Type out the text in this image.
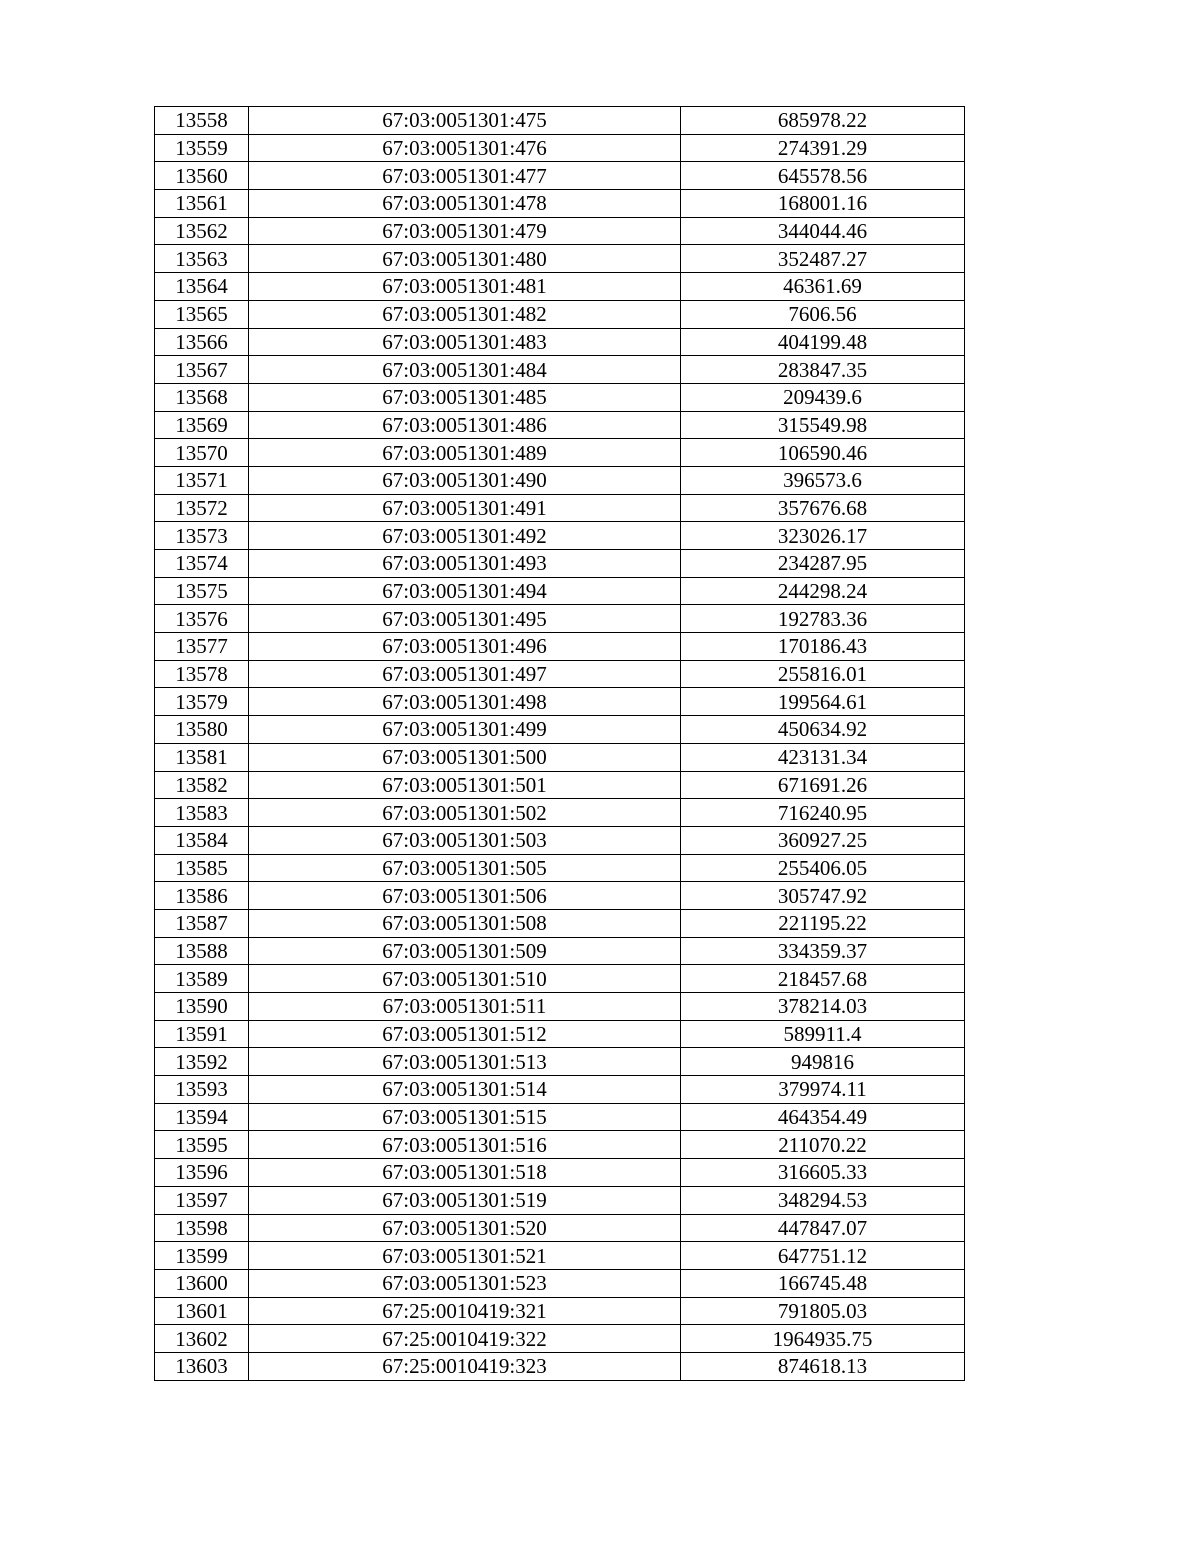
13558	67:03:0051301:475	685978.22
13559	67:03:0051301:476	274391.29
13560	67:03:0051301:477	645578.56
13561	67:03:0051301:478	168001.16
13562	67:03:0051301:479	344044.46
13563	67:03:0051301:480	352487.27
13564	67:03:0051301:481	46361.69
13565	67:03:0051301:482	7606.56
13566	67:03:0051301:483	404199.48
13567	67:03:0051301:484	283847.35
13568	67:03:0051301:485	209439.6
13569	67:03:0051301:486	315549.98
13570	67:03:0051301:489	106590.46
13571	67:03:0051301:490	396573.6
13572	67:03:0051301:491	357676.68
13573	67:03:0051301:492	323026.17
13574	67:03:0051301:493	234287.95
13575	67:03:0051301:494	244298.24
13576	67:03:0051301:495	192783.36
13577	67:03:0051301:496	170186.43
13578	67:03:0051301:497	255816.01
13579	67:03:0051301:498	199564.61
13580	67:03:0051301:499	450634.92
13581	67:03:0051301:500	423131.34
13582	67:03:0051301:501	671691.26
13583	67:03:0051301:502	716240.95
13584	67:03:0051301:503	360927.25
13585	67:03:0051301:505	255406.05
13586	67:03:0051301:506	305747.92
13587	67:03:0051301:508	221195.22
13588	67:03:0051301:509	334359.37
13589	67:03:0051301:510	218457.68
13590	67:03:0051301:511	378214.03
13591	67:03:0051301:512	589911.4
13592	67:03:0051301:513	949816
13593	67:03:0051301:514	379974.11
13594	67:03:0051301:515	464354.49
13595	67:03:0051301:516	211070.22
13596	67:03:0051301:518	316605.33
13597	67:03:0051301:519	348294.53
13598	67:03:0051301:520	447847.07
13599	67:03:0051301:521	647751.12
13600	67:03:0051301:523	166745.48
13601	67:25:0010419:321	791805.03
13602	67:25:0010419:322	1964935.75
13603	67:25:0010419:323	874618.13
